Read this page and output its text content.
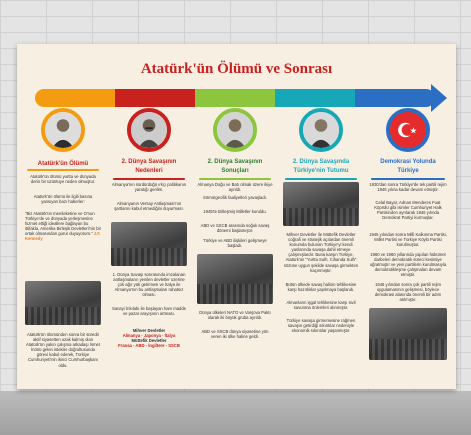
Atatürk'ün Ölümü ve Sonrası
Atatürk'ün Ölümü
Atatürk'ün ölümü yurtta ve dünyada derin bir üzüntüye neden olmuştur.
Atatürk'ün ölümü ile ilgili basına yansıyan bazı haberler:
"Biz Atatürk'ün memleketine ve O'nun Türkiye'de ve dünyada yerleşmesine hizmet ettiği ideallere bağlayan bu ittifakla, Amerika Birleşik Devletleri'nin bir ortak olmasından gurur duyuyorum." J.F. Kennedy
Atatürk'ün ölümünden sonra bir süredir aktif siyasetten uzak kalmış olan Atatürk'ün yakın çalışma arkadaşı İsmet İnönü gelen istekler doğrultusunda görevi kabul ederek, Türkiye Cumhuriyeti'nin ikinci Cumhurbaşkanı oldu.
2. Dünya Savaşının Nedenleri
Almanya'nın sürdürdüğü ırkçı politikanın yaratığı gerilim.
Almanyanın Versay Antlaşması'nın şartlarını kabul etmediğini duyurması.
1. Dünya Savaşı sonrasında imzalanan antlaşmaların yenilen devletler üzerine çok ağır yük getirmesi ve İtalya ile Almanya'nın bu antlaşmaları rahatsız olması.
Sanayi İnkılabı ile başlayan ham madde ve pazar arayışının artması.
Mihver Devletler
Almanya - Japonya - İtalya
Müttefik Devletler
Fransa - ABD - İngiltere - SSCB
2. Dünya Savaşının Sonuçları
Almanya Doğu ve Batı olmak üzere ikiye ayrıldı.
Sömürgecilik faaliyetleri yavaşladı.
1945'te Birleşmiş Milletler kuruldu.
ABD ve SSCB arasında soğuk savaş dönemi başlamıştır.
Türkiye ve ABD ilişkileri gelişmeye başladı.
Dünya ülkeleri NATO ve Varşova Paktı olarak iki büyük gruba ayrıldı.
ABD ve SSCB dünya siyasetine yön veren iki ülke haline geldi.
2. Dünya Savaşında Türkiye'nin Tutumu
Mihver Devletler ile Müttefik Devletler coğrafi ve stratejik açılardan önemli konumda bulunan Türkiye'yi kendi yanlarında savaşa dahil etmeye çalışmışlardır. Buna karşın Türkiye, Atatürk'ün "Yurtta Sulh, Cihanda Sulh" sözüne uygun şekilde savaşa girmekten kaçınmıştır.
Bütün ülkede savaş halinin tehlikesine karşı hazırlıklar yapılmaya başlandı.
Almanların işgal tehlikesine karşı sivil savunma önlemleri alınmıştır.
Türkiye savaşa girmemesine rağmen savaşın getirdiği sıkıntılar nedeniyle ekonomik sıkıntılar yaşanmıştır.
Demokrasi Yolunda Türkiye
1930'dan sonra Türkiye'de tek partili rejim 1946 yılına kadar devam etmiştir.
Celal Bayar, Adnan Menderes Fuat Köprülü gibi isimler Cumhuriyet Halk Partisinden ayrılarak 1946 yılında Demokrat Partiyi kurmuşlar.
1945 yılından sonra Milli Kalkınma Partisi, Millet Partisi ve Türkiye Köylü Partisi kurulmuştur.
1980 ve 1960 yıllarında yapılan hükümet darbeleri demokratik süreci kesintiye uğratmıştır ve yeni partilerin kurulmasıyla demokratikleşme çalışmaları devam etmiştir.
1946 yılından sonra çok partili rejim uygulamasının gelişmesi, böylece demokrasi alanında önemli bir adım atılmıştır.
